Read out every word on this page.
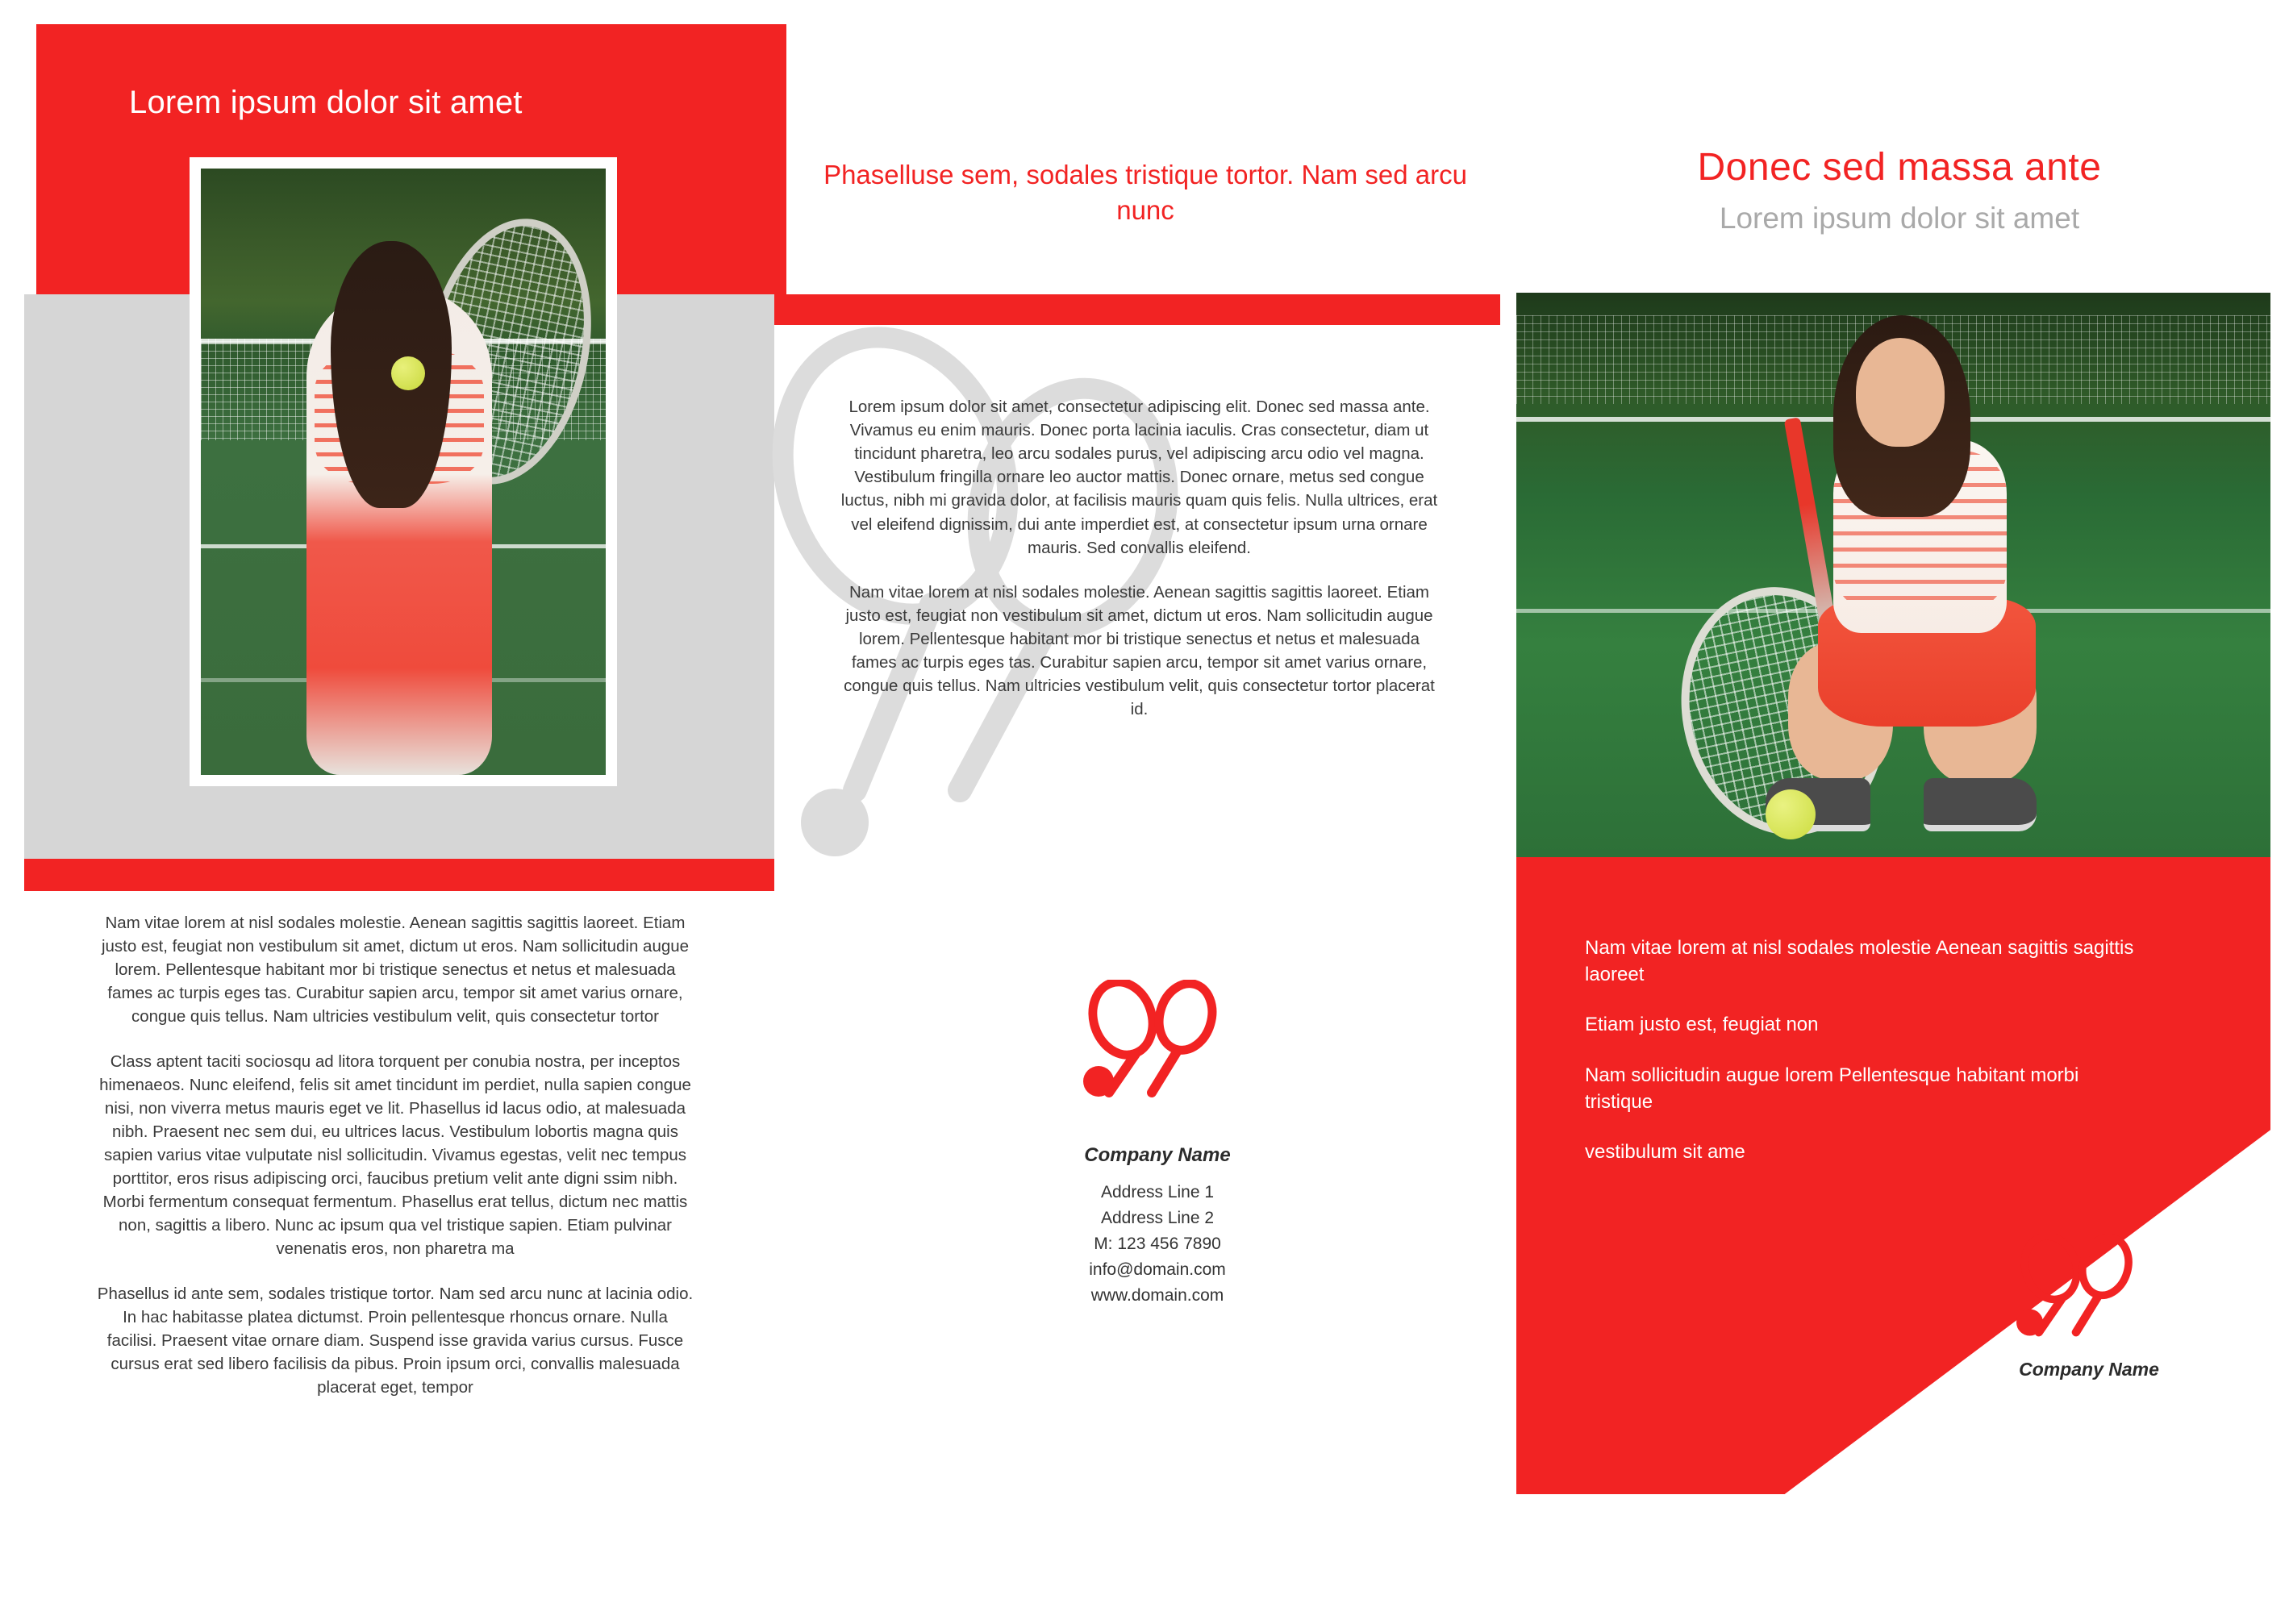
Lorem ipsum dolor sit amet

Nam vitae lorem at nisl sodales molestie. Aenean sagittis sagittis laoreet. Etiam justo est, feugiat non vestibulum sit amet, dictum ut eros. Nam sollicitudin augue lorem. Pellentesque habitant mor bi tristique senectus et netus et malesuada fames ac turpis eges tas. Curabitur sapien arcu, tempor sit amet varius ornare, congue quis tellus. Nam ultricies vestibulum velit, quis consectetur tortor

Class aptent taciti sociosqu ad litora torquent per conubia nostra, per inceptos himenaeos. Nunc eleifend, felis sit amet tincidunt im perdiet, nulla sapien congue nisi, non viverra metus mauris eget ve lit. Phasellus id lacus odio, at malesuada nibh. Praesent nec sem dui, eu ultrices lacus. Vestibulum lobortis magna quis sapien varius vitae vulputate nisl sollicitudin. Vivamus egestas, velit nec tempus porttitor, eros risus adipiscing orci, faucibus pretium velit ante digni ssim nibh. Morbi fermentum consequat fermentum. Phasellus erat tellus, dictum nec mattis non, sagittis a libero. Nunc ac ipsum qua vel tristique sapien. Etiam pulvinar venenatis eros, non pharetra ma

Phasellus id ante sem, sodales tristique tortor. Nam sed arcu nunc at lacinia odio. In hac habitasse platea dictumst. Proin pellentesque rhoncus ornare. Nulla facilisi. Praesent vitae ornare diam. Suspend isse gravida varius cursus. Fusce cursus erat sed libero facilisis da pibus. Proin ipsum orci, convallis malesuada placerat eget, tempor

Phaselluse sem, sodales tristique tortor. Nam sed arcu nunc

Lorem ipsum dolor sit amet, consectetur adipiscing elit. Donec sed massa ante. Vivamus eu enim mauris. Donec porta lacinia iaculis. Cras consectetur, diam ut tincidunt pharetra, leo arcu sodales purus, vel adipiscing arcu odio vel magna. Vestibulum fringilla ornare leo auctor mattis. Donec ornare, metus sed congue luctus, nibh mi gravida dolor, at facilisis mauris quam quis felis. Nulla ultrices, erat vel eleifend dignissim, dui ante imperdiet est, at consectetur ipsum urna ornare mauris. Sed convallis eleifend.

Nam vitae lorem at nisl sodales molestie. Aenean sagittis sagittis laoreet. Etiam justo est, feugiat non vestibulum sit amet, dictum ut eros. Nam sollicitudin augue lorem. Pellentesque habitant mor bi tristique senectus et netus et malesuada fames ac turpis eges tas. Curabitur sapien arcu, tempor sit amet varius ornare, congue quis tellus. Nam ultricies vestibulum velit, quis consectetur tortor placerat id.

Company Name
Address Line 1
Address Line 2
M: 123 456 7890
info@domain.com
www.domain.com
Donec sed massa ante
Lorem ipsum dolor sit amet

Nam vitae lorem at nisl sodales molestie Aenean sagittis sagittis laoreet

Etiam justo est, feugiat non

Nam sollicitudin augue lorem Pellentesque habitant morbi tristique

vestibulum sit ame

Company Name
